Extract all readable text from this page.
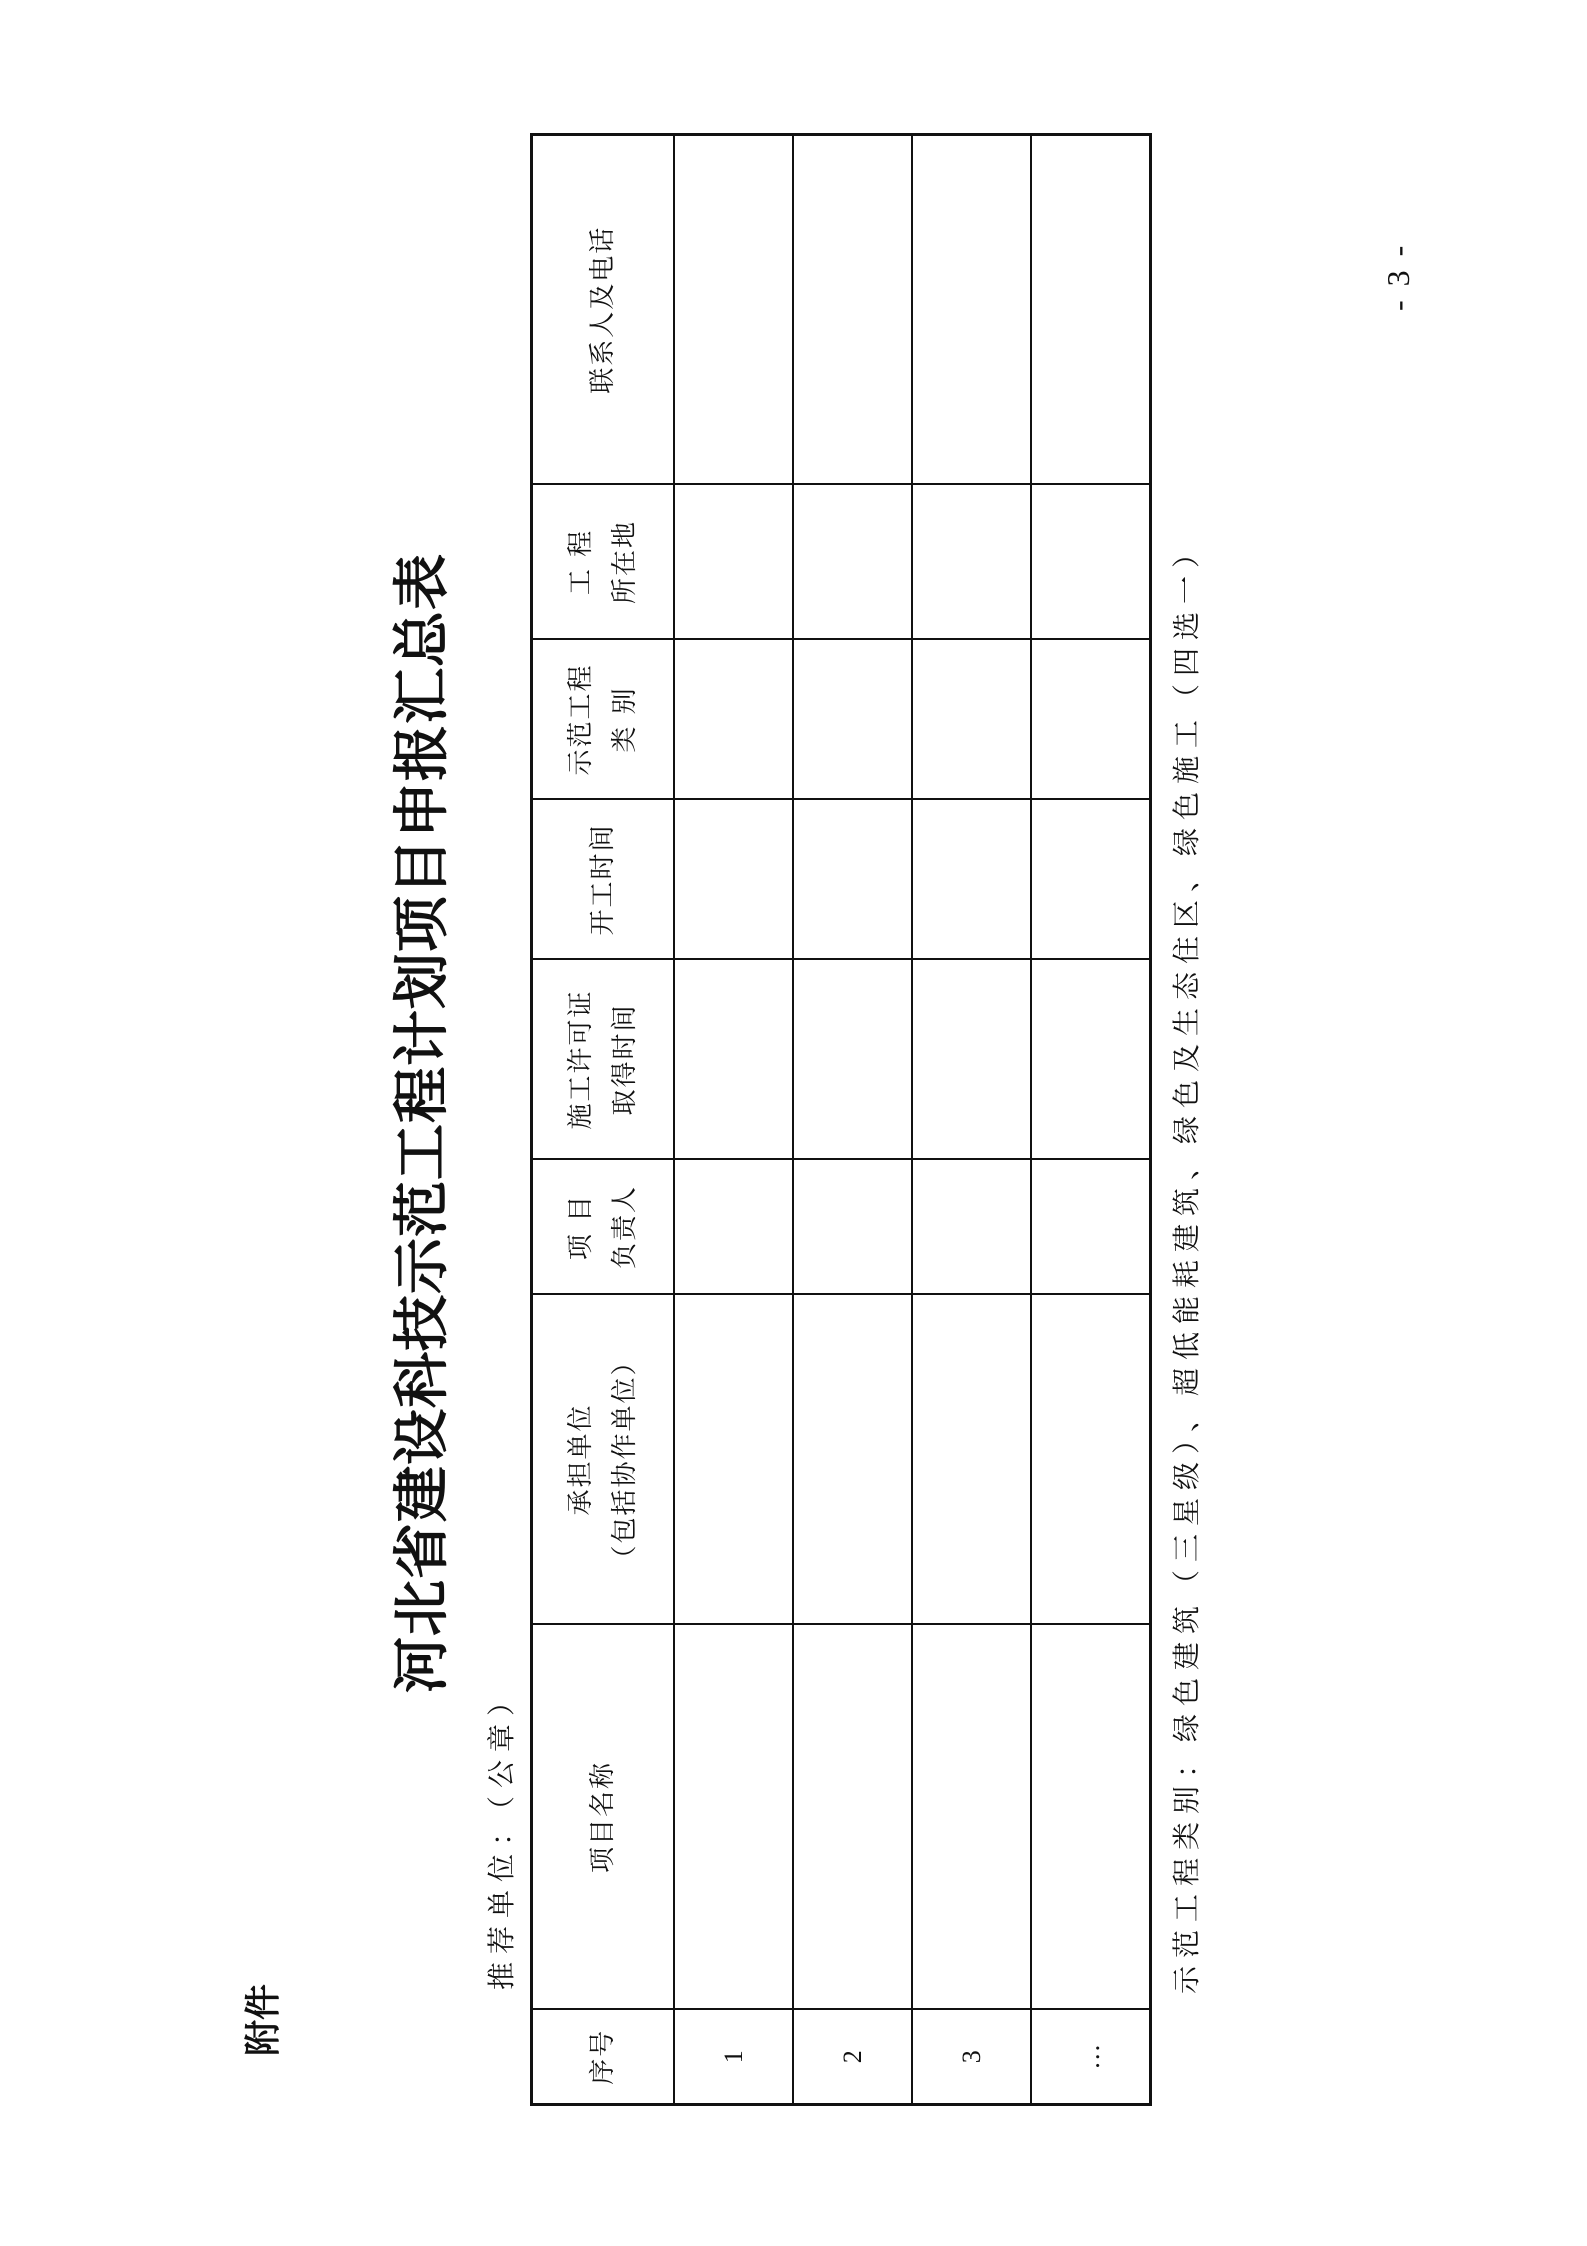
附件
河北省建设科技示范工程计划项目申报汇总表
推荐单位：（公章）
序号	项目名称	承担单位 （包括协作单位）	项 目 负责人	施工许可证 取得时间	开工时间	示范工程 类 别	工 程 所在地	联系人及电话
1								
2								
3								
…								
示范工程类别：绿色建筑（三星级）、超低能耗建筑、绿色及生态住区、绿色施工（四选一）
- 3 -
